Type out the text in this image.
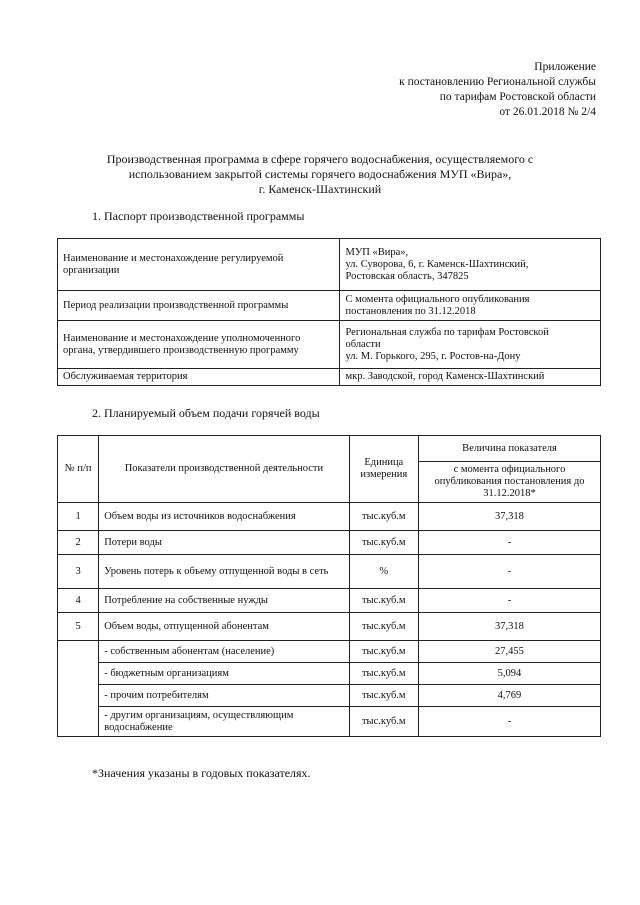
Приложение
к постановлению Региональной службы
по тарифам Ростовской области
от 26.01.2018 № 2/4
Производственная программа в сфере горячего водоснабжения, осуществляемого с
использованием закрытой системы горячего водоснабжения МУП «Вира»,
г. Каменск-Шахтинский
1. Паспорт производственной программы
Наименование и местонахождение регулируемой организации	МУП «Вира»,
ул. Суворова, 6, г. Каменск-Шахтинский,
Ростовская область, 347825

Период реализации производственной программы	С момента официального опубликования
постановления по 31.12.2018

Наименование и местонахождение уполномоченного органа, утвердившего производственную программу	Региональная служба по тарифам Ростовской
области
ул. М. Горького, 295, г. Ростов-на-Дону

Обслуживаемая территория	мкр. Заводской, город Каменск-Шахтинский
2. Планируемый объем подачи горячей воды
№ п/п	Показатели производственной деятельности	Единица измерения	Величина показателя
			с момента официального опубликования постановления до 31.12.2018*
1	Объем воды из источников водоснабжения	тыс.куб.м	37,318
2	Потери воды	тыс.куб.м	-
3	Уровень потерь к объему отпущенной воды в сеть	%	-
4	Потребление на собственные нужды	тыс.куб.м	-
5	Объем воды, отпущенной абонентам	тыс.куб.м	37,318
	- собственным абонентам (население)	тыс.куб.м	27,455
	- бюджетным организациям	тыс.куб.м	5,094
	- прочим потребителям	тыс.куб.м	4,769
	- другим организациям, осуществляющим водоснабжение	тыс.куб.м	-
*Значения указаны в годовых показателях.
